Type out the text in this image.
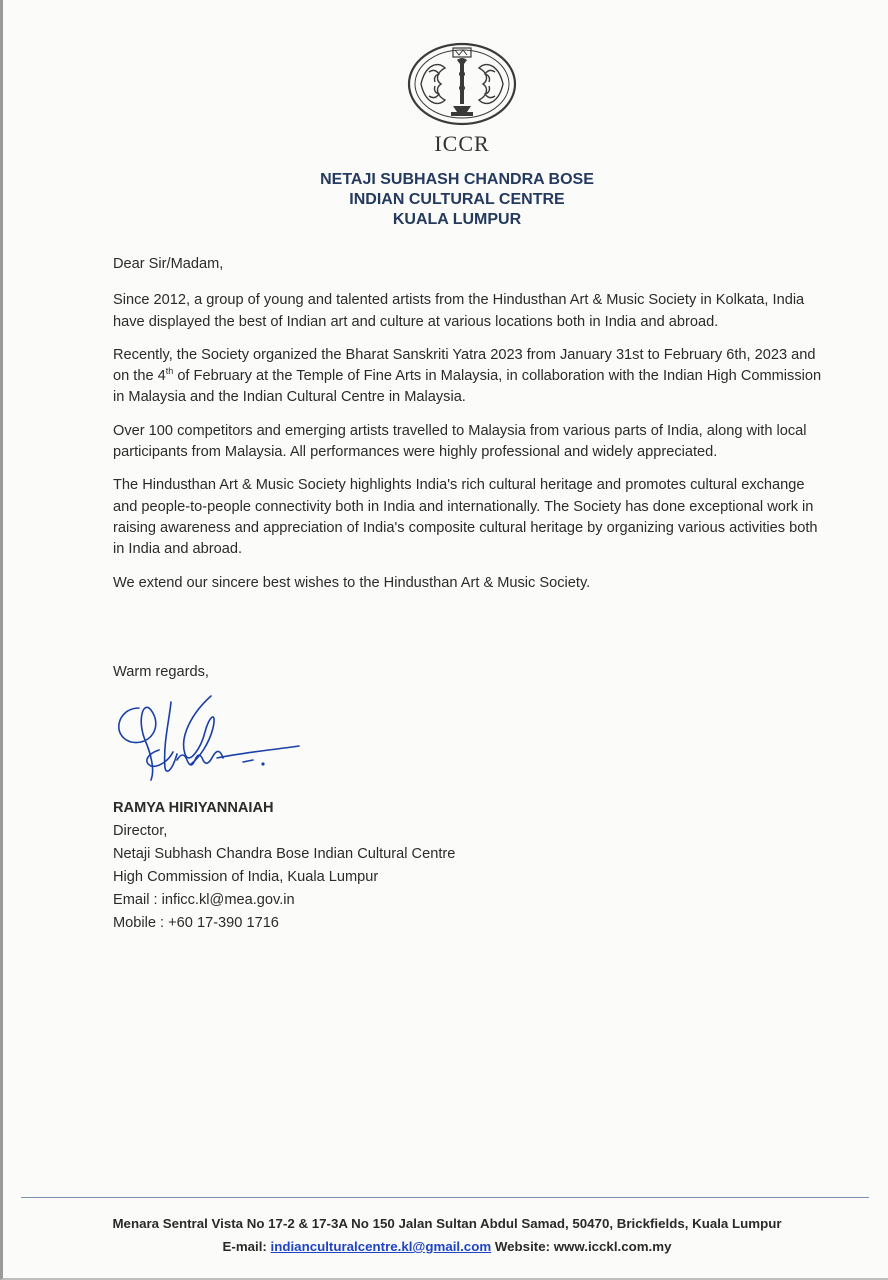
ICCR
NETAJI SUBHASH CHANDRA BOSE
INDIAN CULTURAL CENTRE
KUALA LUMPUR

Dear Sir/Madam,

Since 2012, a group of young and talented artists from the Hindusthan Art & Music Society in Kolkata, India have displayed the best of Indian art and culture at various locations both in India and abroad.

Recently, the Society organized the Bharat Sanskriti Yatra 2023 from January 31st to February 6th, 2023 and on the 4th of February at the Temple of Fine Arts in Malaysia, in collaboration with the Indian High Commission in Malaysia and the Indian Cultural Centre in Malaysia.

Over 100 competitors and emerging artists travelled to Malaysia from various parts of India, along with local participants from Malaysia. All performances were highly professional and widely appreciated.

The Hindusthan Art & Music Society highlights India's rich cultural heritage and promotes cultural exchange and people-to-people connectivity both in India and internationally. The Society has done exceptional work in raising awareness and appreciation of India's composite cultural heritage by organizing various activities both in India and abroad.

We extend our sincere best wishes to the Hindusthan Art & Music Society.

Warm regards,
RAMYA HIRIYANNAIAH
Director,
Netaji Subhash Chandra Bose Indian Cultural Centre
High Commission of India, Kuala Lumpur
Email : inficc.kl@mea.gov.in
Mobile : +60 17-390 1716
Menara Sentral Vista No 17-2 & 17-3A No 150 Jalan Sultan Abdul Samad, 50470, Brickfields, Kuala Lumpur
E-mail: indianculturalcentre.kl@gmail.com Website: www.icckl.com.my
